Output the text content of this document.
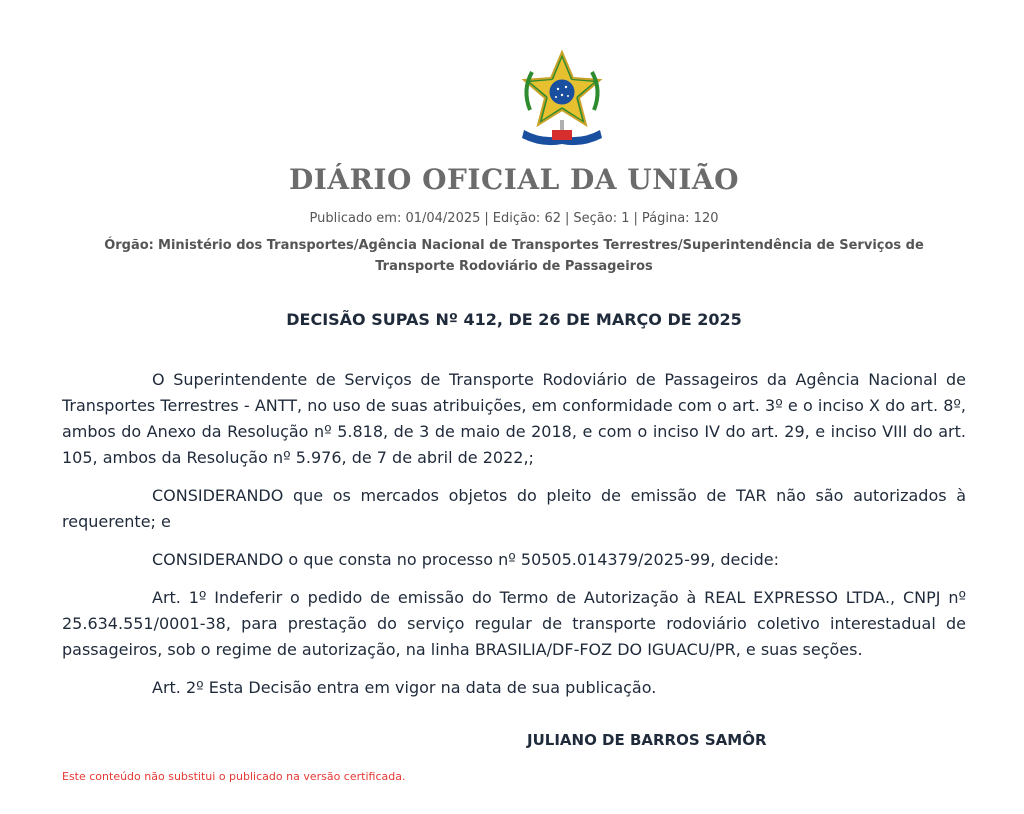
DIÁRIO OFICIAL DA UNIÃO
Publicado em: 01/04/2025 | Edição: 62 | Seção: 1 | Página: 120
Órgão: Ministério dos Transportes/Agência Nacional de Transportes Terrestres/Superintendência de Serviços de Transporte Rodoviário de Passageiros
DECISÃO SUPAS Nº 412, DE 26 DE MARÇO DE 2025

O Superintendente de Serviços de Transporte Rodoviário de Passageiros da Agência Nacional de Transportes Terrestres - ANTT, no uso de suas atribuições, em conformidade com o art. 3º e o inciso X do art. 8º, ambos do Anexo da Resolução nº 5.818, de 3 de maio de 2018, e com o inciso IV do art. 29, e inciso VIII do art. 105, ambos da Resolução nº 5.976, de 7 de abril de 2022,;

CONSIDERANDO que os mercados objetos do pleito de emissão de TAR não são autorizados à requerente; e

CONSIDERANDO o que consta no processo nº 50505.014379/2025-99, decide:

Art. 1º Indeferir o pedido de emissão do Termo de Autorização à REAL EXPRESSO LTDA., CNPJ nº 25.634.551/0001-38, para prestação do serviço regular de transporte rodoviário coletivo interestadual de passageiros, sob o regime de autorização, na linha BRASILIA/DF-FOZ DO IGUACU/PR, e suas seções.

Art. 2º Esta Decisão entra em vigor na data de sua publicação.

JULIANO DE BARROS SAMÔR
Este conteúdo não substitui o publicado na versão certificada.
